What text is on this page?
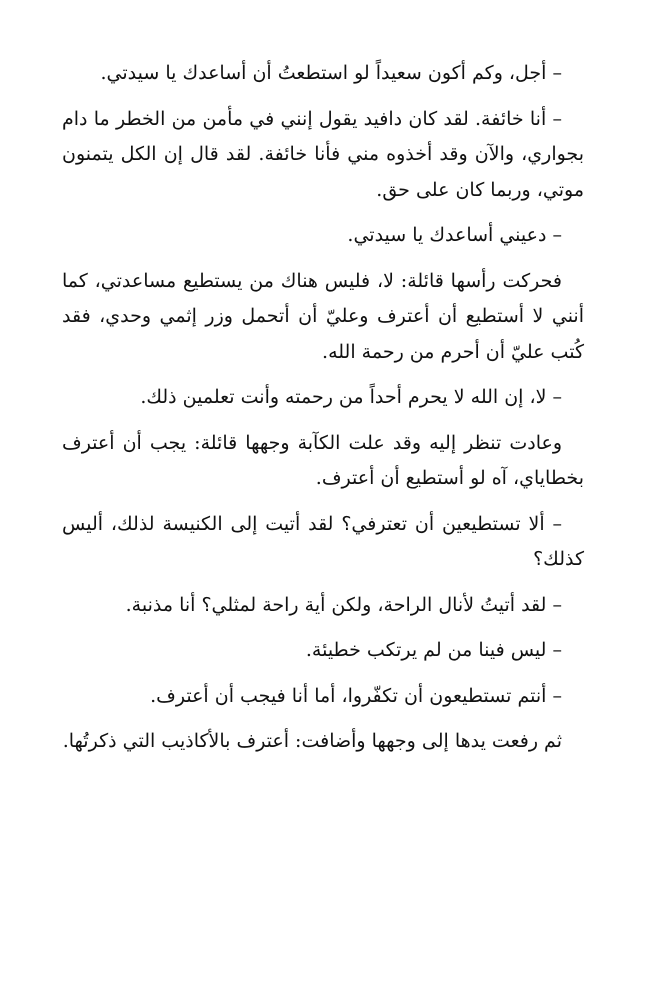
– أجل، وكم أكون سعيداً لو استطعتُ أن أساعدك يا سيدتي.

– أنا خائفة. لقد كان دافيد يقول إنني في مأمن من الخطر ما دام بجواري، والآن وقد أخذوه مني فأنا خائفة. لقد قال إن الكل يتمنون موتي، وربما كان على حق.

– دعيني أساعدك يا سيدتي.

فحركت رأسها قائلة: لا، فليس هناك من يستطيع مساعدتي، كما أنني لا أستطيع أن أعترف وعليّ أن أتحمل وزر إثمي وحدي، فقد كُتب عليّ أن أحرم من رحمة الله.

– لا، إن الله لا يحرم أحداً من رحمته وأنت تعلمين ذلك.

وعادت تنظر إليه وقد علت الكآبة وجهها قائلة: يجب أن أعترف بخطاياي، آه لو أستطيع أن أعترف.

– ألا تستطيعين أن تعترفي؟ لقد أتيت إلى الكنيسة لذلك، أليس كذلك؟

– لقد أتيتُ لأنال الراحة، ولكن أية راحة لمثلي؟ أنا مذنبة.

– ليس فينا من لم يرتكب خطيئة.

– أنتم تستطيعون أن تكفّروا، أما أنا فيجب أن أعترف.

ثم رفعت يدها إلى وجهها وأضافت: أعترف بالأكاذيب التي ذكرتُها.
